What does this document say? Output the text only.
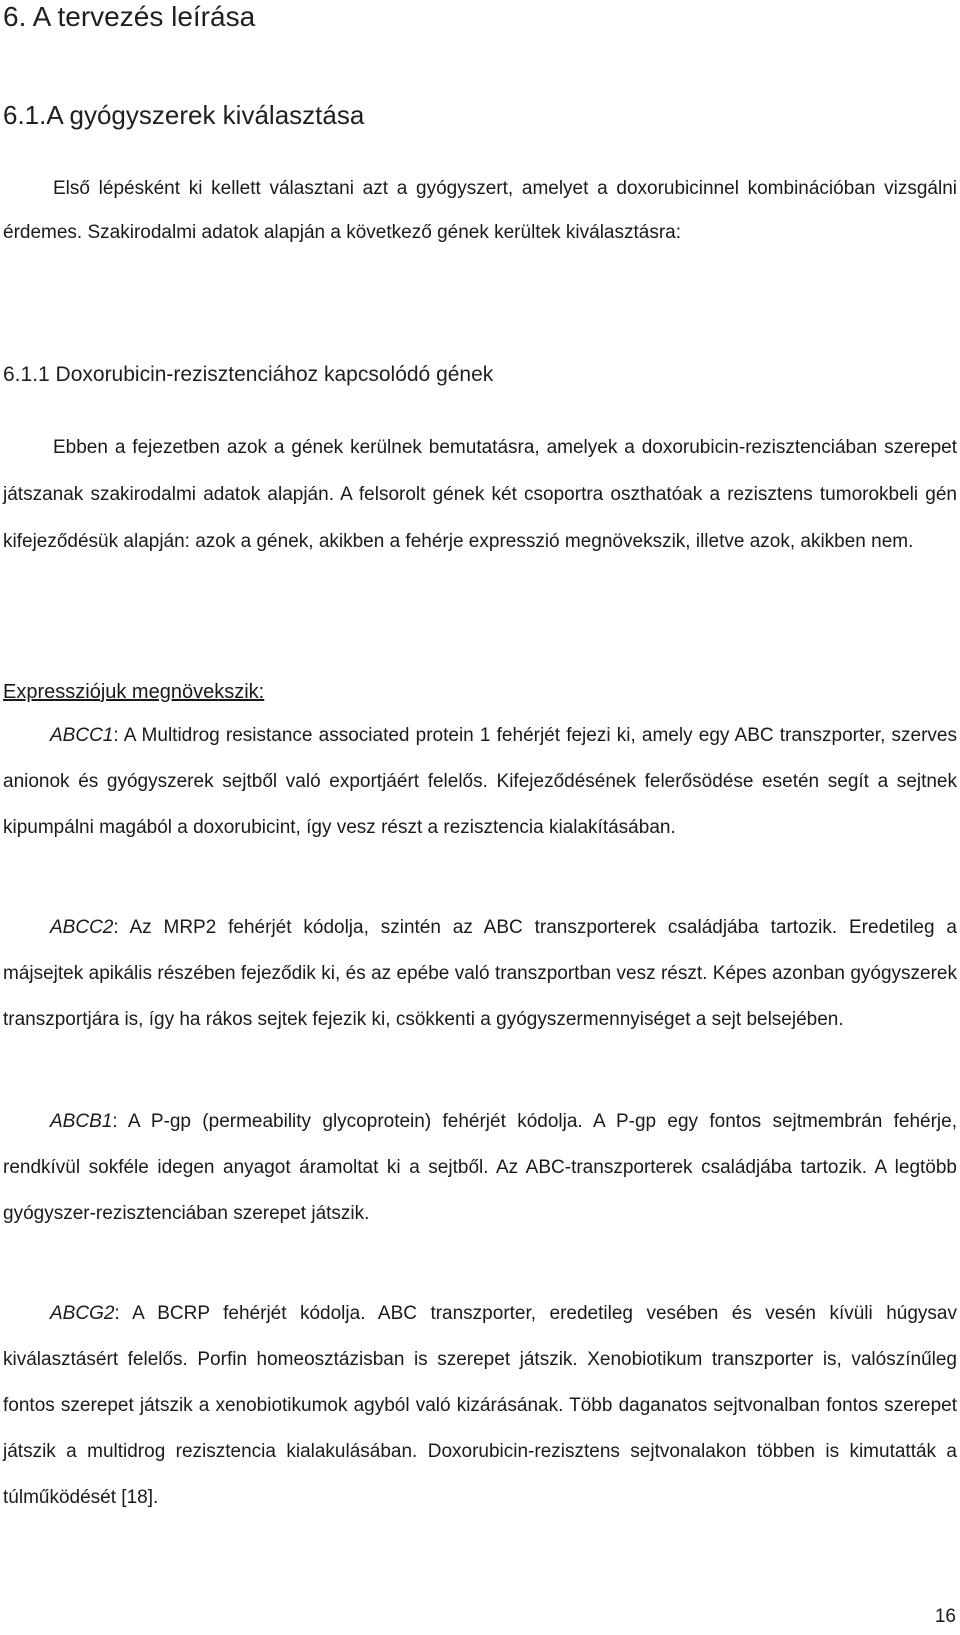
6. A tervezés leírása
6.1.A gyógyszerek kiválasztása

Első lépésként ki kellett választani azt a gyógyszert, amelyet a doxorubicinnel kombinációban vizsgálni érdemes. Szakirodalmi adatok alapján a következő gének kerültek kiválasztásra:

6.1.1 Doxorubicin-rezisztenciához kapcsolódó gének

Ebben a fejezetben azok a gének kerülnek bemutatásra, amelyek a doxorubicin-rezisztenciában szerepet játszanak szakirodalmi adatok alapján. A felsorolt gének két csoportra oszthatóak a rezisztens tumorokbeli gén kifejeződésük alapján: azok a gének, akikben a fehérje expresszió megnövekszik, illetve azok, akikben nem.

Expressziójuk megnövekszik:

ABCC1: A Multidrog resistance associated protein 1 fehérjét fejezi ki, amely egy ABC transzporter, szerves anionok és gyógyszerek sejtből való exportjáért felelős. Kifejeződésének felerősödése esetén segít a sejtnek kipumpálni magából a doxorubicint, így vesz részt a rezisztencia kialakításában.

ABCC2: Az MRP2 fehérjét kódolja, szintén az ABC transzporterek családjába tartozik. Eredetileg a májsejtek apikális részében fejeződik ki, és az epébe való transzportban vesz részt. Képes azonban gyógyszerek transzportjára is, így ha rákos sejtek fejezik ki, csökkenti a gyógyszermennyiséget a sejt belsejében.

ABCB1: A P-gp (permeability glycoprotein) fehérjét kódolja. A P-gp egy fontos sejtmembrán fehérje, rendkívül sokféle idegen anyagot áramoltat ki a sejtből. Az ABC-transzporterek családjába tartozik. A legtöbb gyógyszer-rezisztenciában szerepet játszik.

ABCG2: A BCRP fehérjét kódolja. ABC transzporter, eredetileg vesében és vesén kívüli húgysav kiválasztásért felelős. Porfin homeosztázisban is szerepet játszik. Xenobiotikum transzporter is, valószínűleg fontos szerepet játszik a xenobiotikumok agyból való kizárásának. Több daganatos sejtvonalban fontos szerepet játszik a multidrog rezisztencia kialakulásában. Doxorubicin-rezisztens sejtvonalakon többen is kimutatták a túlműködését [18].

16
